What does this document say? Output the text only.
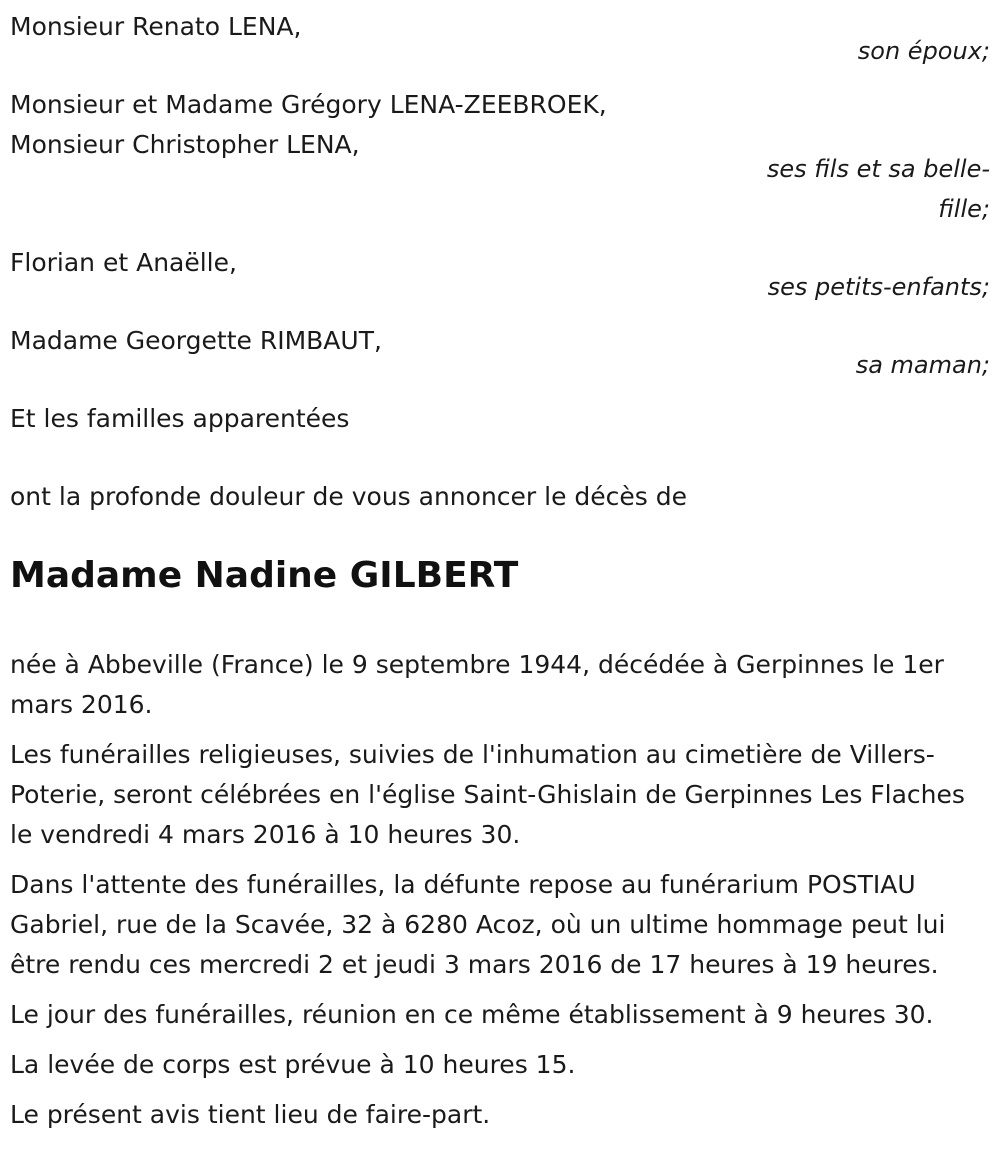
Monsieur Renato LENA,
son époux;
Monsieur et Madame Grégory LENA-ZEEBROEK,
Monsieur Christopher LENA,
ses fils et sa belle-fille;
Florian et Anaëlle,
ses petits-enfants;
Madame Georgette RIMBAUT,
sa maman;
Et les familles apparentées
ont la profonde douleur de vous annoncer le décès de
Madame Nadine GILBERT

née à Abbeville (France) le 9 septembre 1944, décédée à Gerpinnes le 1er mars 2016.

Les funérailles religieuses, suivies de l'inhumation au cimetière de Villers-Poterie, seront célébrées en l'église Saint-Ghislain de Gerpinnes Les Flaches le vendredi 4 mars 2016 à 10 heures 30.

Dans l'attente des funérailles, la défunte repose au funérarium POSTIAU Gabriel, rue de la Scavée, 32 à 6280 Acoz, où un ultime hommage peut lui être rendu ces mercredi 2 et jeudi 3 mars 2016 de 17 heures à 19 heures.

Le jour des funérailles, réunion en ce même établissement à 9 heures 30.

La levée de corps est prévue à 10 heures 15.

Le présent avis tient lieu de faire-part.
